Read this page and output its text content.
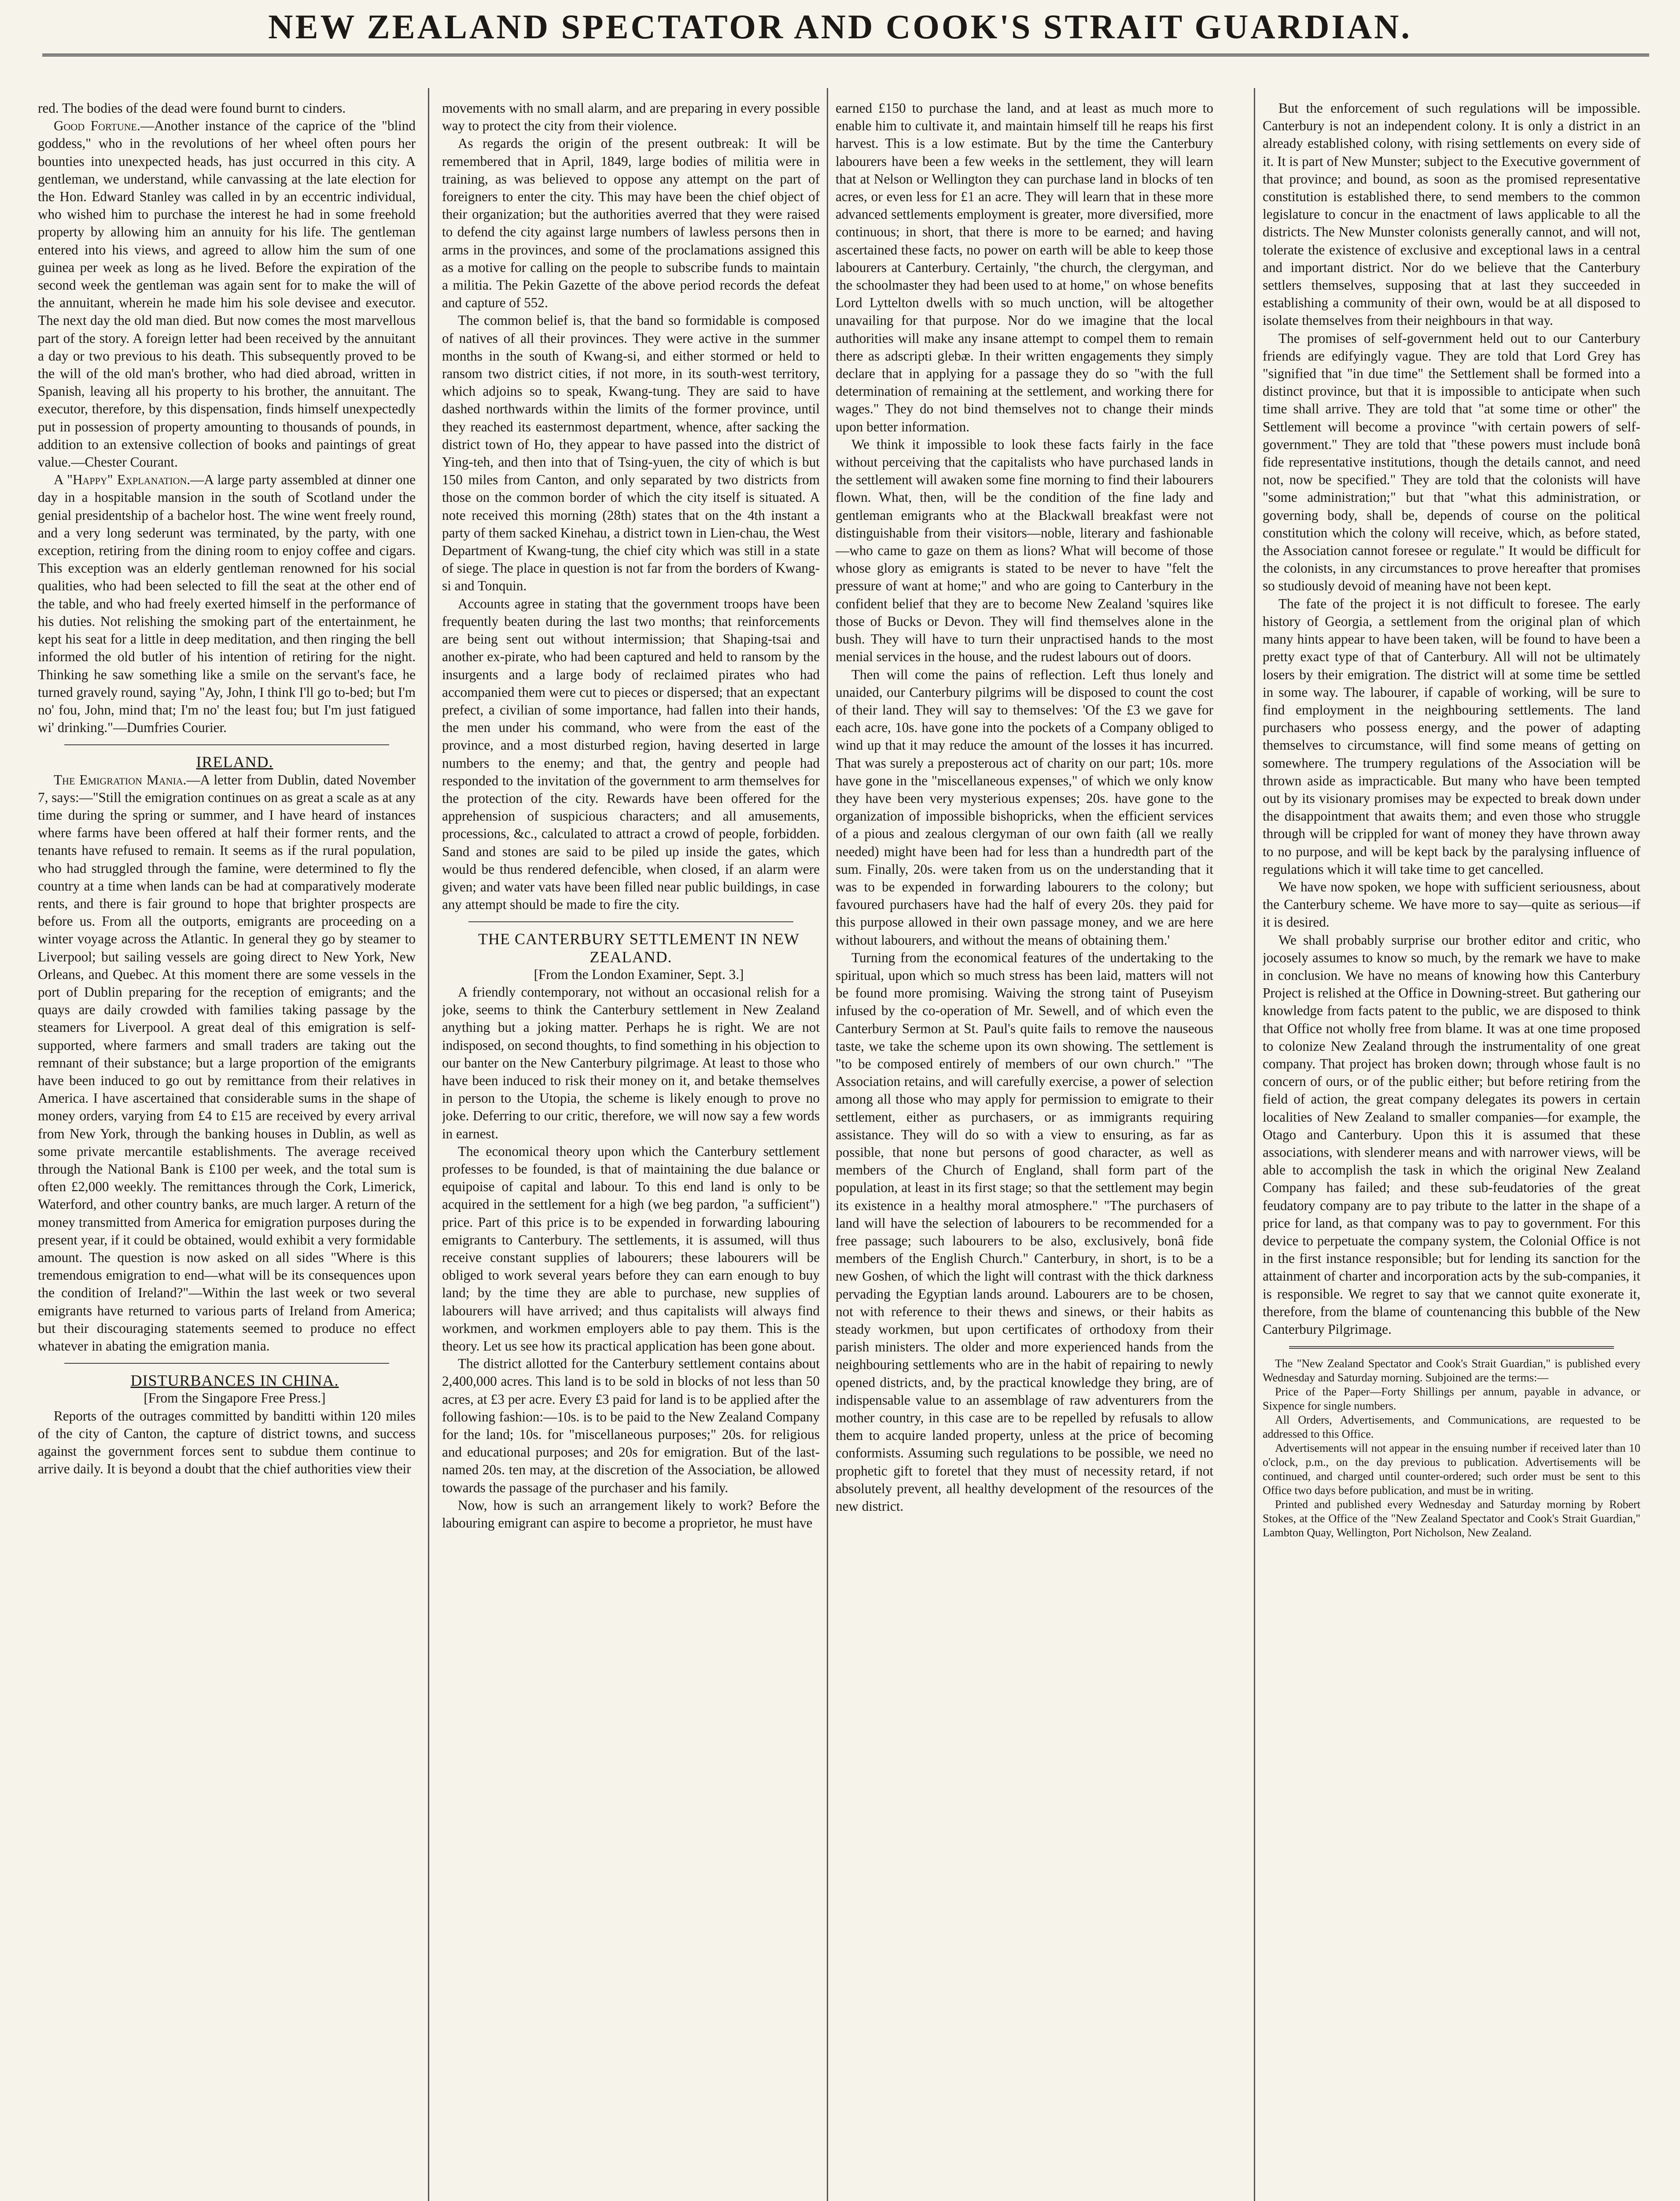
NEW ZEALAND SPECTATOR AND COOK'S STRAIT GUARDIAN.

red. The bodies of the dead were found burnt to cinders.

Good Fortune.—Another instance of the caprice of the "blind goddess," who in the revolutions of her wheel often pours her bounties into unexpected heads, has just occurred in this city. A gentleman, we understand, while canvassing at the late election for the Hon. Edward Stanley was called in by an eccentric individual, who wished him to purchase the interest he had in some freehold property by allowing him an annuity for his life. The gentleman entered into his views, and agreed to allow him the sum of one guinea per week as long as he lived. Before the expiration of the second week the gentleman was again sent for to make the will of the annuitant, wherein he made him his sole devisee and executor. The next day the old man died. But now comes the most marvellous part of the story. A foreign letter had been received by the annuitant a day or two previous to his death. This subsequently proved to be the will of the old man's brother, who had died abroad, written in Spanish, leaving all his property to his brother, the annuitant. The executor, therefore, by this dispensation, finds himself unexpectedly put in possession of property amounting to thousands of pounds, in addition to an extensive collection of books and paintings of great value.—Chester Courant.

A "Happy" Explanation.—A large party assembled at dinner one day in a hospitable mansion in the south of Scotland under the genial presidentship of a bachelor host. The wine went freely round, and a very long sederunt was terminated, by the party, with one exception, retiring from the dining room to enjoy coffee and cigars. This exception was an elderly gentleman renowned for his social qualities, who had been selected to fill the seat at the other end of the table, and who had freely exerted himself in the performance of his duties. Not relishing the smoking part of the entertainment, he kept his seat for a little in deep meditation, and then ringing the bell informed the old butler of his intention of retiring for the night. Thinking he saw something like a smile on the servant's face, he turned gravely round, saying "Ay, John, I think I'll go to-bed; but I'm no' fou, John, mind that; I'm no' the least fou; but I'm just fatigued wi' drinking."—Dumfries Courier.

IRELAND.

The Emigration Mania.—A letter from Dublin, dated November 7, says:—"Still the emigration continues on as great a scale as at any time during the spring or summer, and I have heard of instances where farms have been offered at half their former rents, and the tenants have refused to remain. It seems as if the rural population, who had struggled through the famine, were determined to fly the country at a time when lands can be had at comparatively moderate rents, and there is fair ground to hope that brighter prospects are before us. From all the outports, emigrants are proceeding on a winter voyage across the Atlantic. In general they go by steamer to Liverpool; but sailing vessels are going direct to New York, New Orleans, and Quebec. At this moment there are some vessels in the port of Dublin preparing for the reception of emigrants; and the quays are daily crowded with families taking passage by the steamers for Liverpool. A great deal of this emigration is self-supported, where farmers and small traders are taking out the remnant of their substance; but a large proportion of the emigrants have been induced to go out by remittance from their relatives in America. I have ascertained that considerable sums in the shape of money orders, varying from £4 to £15 are received by every arrival from New York, through the banking houses in Dublin, as well as some private mercantile establishments. The average received through the National Bank is £100 per week, and the total sum is often £2,000 weekly. The remittances through the Cork, Limerick, Waterford, and other country banks, are much larger. A return of the money transmitted from America for emigration purposes during the present year, if it could be obtained, would exhibit a very formidable amount. The question is now asked on all sides "Where is this tremendous emigration to end—what will be its consequences upon the condition of Ireland?"—Within the last week or two several emigrants have returned to various parts of Ireland from America; but their discouraging statements seemed to produce no effect whatever in abating the emigration mania.

DISTURBANCES IN CHINA.

[From the Singapore Free Press.]

Reports of the outrages committed by banditti within 120 miles of the city of Canton, the capture of district towns, and success against the government forces sent to subdue them continue to arrive daily. It is beyond a doubt that the chief authorities view their

movements with no small alarm, and are preparing in every possible way to protect the city from their violence.

As regards the origin of the present outbreak: It will be remembered that in April, 1849, large bodies of militia were in training, as was believed to oppose any attempt on the part of foreigners to enter the city. This may have been the chief object of their organization; but the authorities averred that they were raised to defend the city against large numbers of lawless persons then in arms in the provinces, and some of the proclamations assigned this as a motive for calling on the people to subscribe funds to maintain a militia. The Pekin Gazette of the above period records the defeat and capture of 552.

The common belief is, that the band so formidable is composed of natives of all their provinces. They were active in the summer months in the south of Kwang-si, and either stormed or held to ransom two district cities, if not more, in its south-west territory, which adjoins so to speak, Kwang-tung. They are said to have dashed northwards within the limits of the former province, until they reached its easternmost department, whence, after sacking the district town of Ho, they appear to have passed into the district of Ying-teh, and then into that of Tsing-yuen, the city of which is but 150 miles from Canton, and only separated by two districts from those on the common border of which the city itself is situated. A note received this morning (28th) states that on the 4th instant a party of them sacked Kinehau, a district town in Lien-chau, the West Department of Kwang-tung, the chief city which was still in a state of siege. The place in question is not far from the borders of Kwang-si and Tonquin.

Accounts agree in stating that the government troops have been frequently beaten during the last two months; that reinforcements are being sent out without intermission; that Shaping-tsai and another ex-pirate, who had been captured and held to ransom by the insurgents and a large body of reclaimed pirates who had accompanied them were cut to pieces or dispersed; that an expectant prefect, a civilian of some importance, had fallen into their hands, the men under his command, who were from the east of the province, and a most disturbed region, having deserted in large numbers to the enemy; and that, the gentry and people had responded to the invitation of the government to arm themselves for the protection of the city. Rewards have been offered for the apprehension of suspicious characters; and all amusements, processions, &c., calculated to attract a crowd of people, forbidden. Sand and stones are said to be piled up inside the gates, which would be thus rendered defencible, when closed, if an alarm were given; and water vats have been filled near public buildings, in case any attempt should be made to fire the city.

THE CANTERBURY SETTLEMENT IN NEW ZEALAND.

[From the London Examiner, Sept. 3.]

A friendly contemporary, not without an occasional relish for a joke, seems to think the Canterbury settlement in New Zealand anything but a joking matter. Perhaps he is right. We are not indisposed, on second thoughts, to find something in his objection to our banter on the New Canterbury pilgrimage. At least to those who have been induced to risk their money on it, and betake themselves in person to the Utopia, the scheme is likely enough to prove no joke. Deferring to our critic, therefore, we will now say a few words in earnest.

The economical theory upon which the Canterbury settlement professes to be founded, is that of maintaining the due balance or equipoise of capital and labour. To this end land is only to be acquired in the settlement for a high (we beg pardon, "a sufficient") price. Part of this price is to be expended in forwarding labouring emigrants to Canterbury. The settlements, it is assumed, will thus receive constant supplies of labourers; these labourers will be obliged to work several years before they can earn enough to buy land; by the time they are able to purchase, new supplies of labourers will have arrived; and thus capitalists will always find workmen, and workmen employers able to pay them. This is the theory. Let us see how its practical application has been gone about.

The district allotted for the Canterbury settlement contains about 2,400,000 acres. This land is to be sold in blocks of not less than 50 acres, at £3 per acre. Every £3 paid for land is to be applied after the following fashion:—10s. is to be paid to the New Zealand Company for the land; 10s. for "miscellaneous purposes;" 20s. for religious and educational purposes; and 20s for emigration. But of the last-named 20s. ten may, at the discretion of the Association, be allowed towards the passage of the purchaser and his family.

Now, how is such an arrangement likely to work? Before the labouring emigrant can aspire to become a proprietor, he must have

earned £150 to purchase the land, and at least as much more to enable him to cultivate it, and maintain himself till he reaps his first harvest. This is a low estimate. But by the time the Canterbury labourers have been a few weeks in the settlement, they will learn that at Nelson or Wellington they can purchase land in blocks of ten acres, or even less for £1 an acre. They will learn that in these more advanced settlements employment is greater, more diversified, more continuous; in short, that there is more to be earned; and having ascertained these facts, no power on earth will be able to keep those labourers at Canterbury. Certainly, "the church, the clergyman, and the schoolmaster they had been used to at home," on whose benefits Lord Lyttelton dwells with so much unction, will be altogether unavailing for that purpose. Nor do we imagine that the local authorities will make any insane attempt to compel them to remain there as adscripti glebæ. In their written engagements they simply declare that in applying for a passage they do so "with the full determination of remaining at the settlement, and working there for wages." They do not bind themselves not to change their minds upon better information.

We think it impossible to look these facts fairly in the face without perceiving that the capitalists who have purchased lands in the settlement will awaken some fine morning to find their labourers flown. What, then, will be the condition of the fine lady and gentleman emigrants who at the Blackwall breakfast were not distinguishable from their visitors—noble, literary and fashionable—who came to gaze on them as lions? What will become of those whose glory as emigrants is stated to be never to have "felt the pressure of want at home;" and who are going to Canterbury in the confident belief that they are to become New Zealand 'squires like those of Bucks or Devon. They will find themselves alone in the bush. They will have to turn their unpractised hands to the most menial services in the house, and the rudest labours out of doors.

Then will come the pains of reflection. Left thus lonely and unaided, our Canterbury pilgrims will be disposed to count the cost of their land. They will say to themselves: 'Of the £3 we gave for each acre, 10s. have gone into the pockets of a Company obliged to wind up that it may reduce the amount of the losses it has incurred. That was surely a preposterous act of charity on our part; 10s. more have gone in the "miscellaneous expenses," of which we only know they have been very mysterious expenses; 20s. have gone to the organization of impossible bishopricks, when the efficient services of a pious and zealous clergyman of our own faith (all we really needed) might have been had for less than a hundredth part of the sum. Finally, 20s. were taken from us on the understanding that it was to be expended in forwarding labourers to the colony; but favoured purchasers have had the half of every 20s. they paid for this purpose allowed in their own passage money, and we are here without labourers, and without the means of obtaining them.'

Turning from the economical features of the undertaking to the spiritual, upon which so much stress has been laid, matters will not be found more promising. Waiving the strong taint of Puseyism infused by the co-operation of Mr. Sewell, and of which even the Canterbury Sermon at St. Paul's quite fails to remove the nauseous taste, we take the scheme upon its own showing. The settlement is "to be composed entirely of members of our own church." "The Association retains, and will carefully exercise, a power of selection among all those who may apply for permission to emigrate to their settlement, either as purchasers, or as immigrants requiring assistance. They will do so with a view to ensuring, as far as possible, that none but persons of good character, as well as members of the Church of England, shall form part of the population, at least in its first stage; so that the settlement may begin its existence in a healthy moral atmosphere." "The purchasers of land will have the selection of labourers to be recommended for a free passage; such labourers to be also, exclusively, bonâ fide members of the English Church." Canterbury, in short, is to be a new Goshen, of which the light will contrast with the thick darkness pervading the Egyptian lands around. Labourers are to be chosen, not with reference to their thews and sinews, or their habits as steady workmen, but upon certificates of orthodoxy from their parish ministers. The older and more experienced hands from the neighbouring settlements who are in the habit of repairing to newly opened districts, and, by the practical knowledge they bring, are of indispensable value to an assemblage of raw adventurers from the mother country, in this case are to be repelled by refusals to allow them to acquire landed property, unless at the price of becoming conformists. Assuming such regulations to be possible, we need no prophetic gift to foretel that they must of necessity retard, if not absolutely prevent, all healthy development of the resources of the new district.

But the enforcement of such regulations will be impossible. Canterbury is not an independent colony. It is only a district in an already established colony, with rising settlements on every side of it. It is part of New Munster; subject to the Executive government of that province; and bound, as soon as the promised representative constitution is established there, to send members to the common legislature to concur in the enactment of laws applicable to all the districts. The New Munster colonists generally cannot, and will not, tolerate the existence of exclusive and exceptional laws in a central and important district. Nor do we believe that the Canterbury settlers themselves, supposing that at last they succeeded in establishing a community of their own, would be at all disposed to isolate themselves from their neighbours in that way.

The promises of self-government held out to our Canterbury friends are edifyingly vague. They are told that Lord Grey has "signified that "in due time" the Settlement shall be formed into a distinct province, but that it is impossible to anticipate when such time shall arrive. They are told that "at some time or other" the Settlement will become a province "with certain powers of self-government." They are told that "these powers must include bonâ fide representative institutions, though the details cannot, and need not, now be specified." They are told that the colonists will have "some administration;" but that "what this administration, or governing body, shall be, depends of course on the political constitution which the colony will receive, which, as before stated, the Association cannot foresee or regulate." It would be difficult for the colonists, in any circumstances to prove hereafter that promises so studiously devoid of meaning have not been kept.

The fate of the project it is not difficult to foresee. The early history of Georgia, a settlement from the original plan of which many hints appear to have been taken, will be found to have been a pretty exact type of that of Canterbury. All will not be ultimately losers by their emigration. The district will at some time be settled in some way. The labourer, if capable of working, will be sure to find employment in the neighbouring settlements. The land purchasers who possess energy, and the power of adapting themselves to circumstance, will find some means of getting on somewhere. The trumpery regulations of the Association will be thrown aside as impracticable. But many who have been tempted out by its visionary promises may be expected to break down under the disappointment that awaits them; and even those who struggle through will be crippled for want of money they have thrown away to no purpose, and will be kept back by the paralysing influence of regulations which it will take time to get cancelled.

We have now spoken, we hope with sufficient seriousness, about the Canterbury scheme. We have more to say—quite as serious—if it is desired.

We shall probably surprise our brother editor and critic, who jocosely assumes to know so much, by the remark we have to make in conclusion. We have no means of knowing how this Canterbury Project is relished at the Office in Downing-street. But gathering our knowledge from facts patent to the public, we are disposed to think that Office not wholly free from blame. It was at one time proposed to colonize New Zealand through the instrumentality of one great company. That project has broken down; through whose fault is no concern of ours, or of the public either; but before retiring from the field of action, the great company delegates its powers in certain localities of New Zealand to smaller companies—for example, the Otago and Canterbury. Upon this it is assumed that these associations, with slenderer means and with narrower views, will be able to accomplish the task in which the original New Zealand Company has failed; and these sub-feudatories of the great feudatory company are to pay tribute to the latter in the shape of a price for land, as that company was to pay to government. For this device to perpetuate the company system, the Colonial Office is not in the first instance responsible; but for lending its sanction for the attainment of charter and incorporation acts by the sub-companies, it is responsible. We regret to say that we cannot quite exonerate it, therefore, from the blame of countenancing this bubble of the New Canterbury Pilgrimage.

The "New Zealand Spectator and Cook's Strait Guardian," is published every Wednesday and Saturday morning. Subjoined are the terms:—

Price of the Paper—Forty Shillings per annum, payable in advance, or Sixpence for single numbers.

All Orders, Advertisements, and Communications, are requested to be addressed to this Office.

Advertisements will not appear in the ensuing number if received later than 10 o'clock, p.m., on the day previous to publication. Advertisements will be continued, and charged until counter-ordered; such order must be sent to this Office two days before publication, and must be in writing.

Printed and published every Wednesday and Saturday morning by Robert Stokes, at the Office of the "New Zealand Spectator and Cook's Strait Guardian," Lambton Quay, Wellington, Port Nicholson, New Zealand.
